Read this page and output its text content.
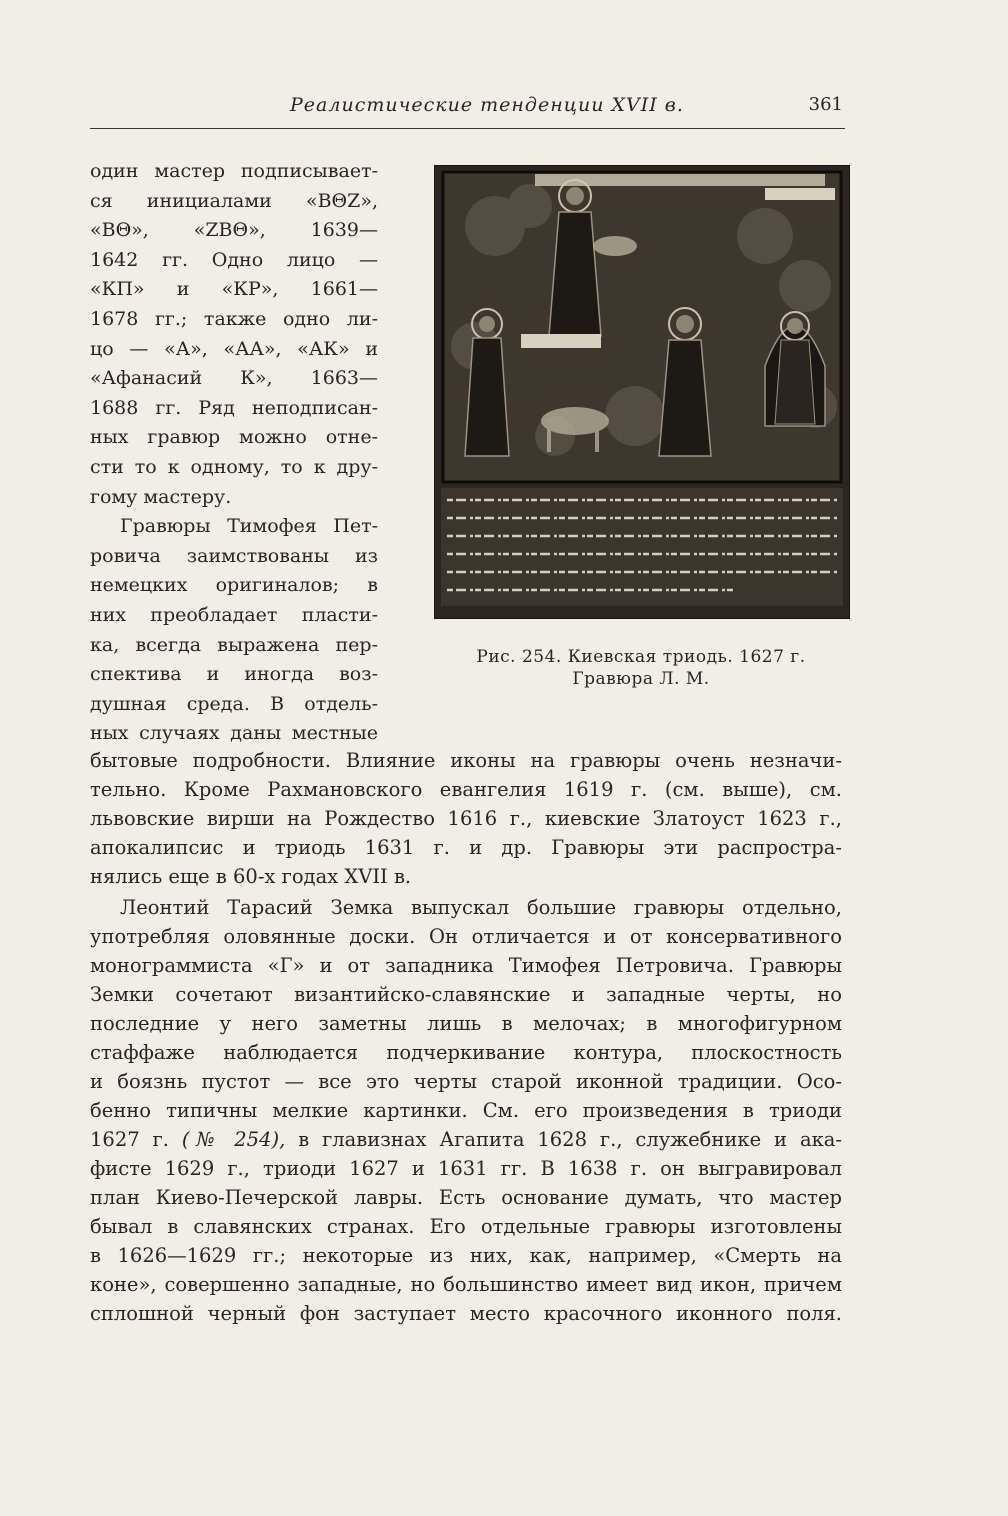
Реалистические тенденции XVII в.	361
один мастер подписывает-
ся инициалами «ВΘZ»,
«ВΘ», «ZВΘ», 1639—
1642 гг. Одно лицо —
«КП» и «КР», 1661—
1678 гг.; также одно ли-
цо — «А», «АА», «АК» и
«Афанасий К», 1663—
1688 гг. Ряд неподписан-
ных гравюр можно отне-
сти то к одному, то к дру-
гому мастеру.
Гравюры Тимофея Пет-
ровича заимствованы из
немецких оригиналов; в
них преобладает пласти-
ка, всегда выражена пер-
спектива и иногда воз-
душная среда. В отдель-
ных случаях даны местные
Рис. 254. Киевская триодь. 1627 г.
Гравюра Л. М.
бытовые подробности. Влияние иконы на гравюры очень незначи-
тельно. Кроме Рахмановского евангелия 1619 г. (см. выше), см.
львовские вирши на Рождество 1616 г., киевские Златоуст 1623 г.,
апокалипсис и триодь 1631 г. и др. Гравюры эти распростра-
нялись еще в 60-х годах XVII в.
Леонтий Тарасий Земка выпускал большие гравюры отдельно,
употребляя оловянные доски. Он отличается и от консервативного
монограммиста «Г» и от западника Тимофея Петровича. Гравюры
Земки сочетают византийско-славянские и западные черты, но
последние у него заметны лишь в мелочах; в многофигурном
стаффаже наблюдается подчеркивание контура, плоскостность
и боязнь пустот — все это черты старой иконной традиции. Осо-
бенно типичны мелкие картинки. См. его произведения в триоди
1627 г. (№ 254), в главизнах Агапита 1628 г., служебнике и ака-
фисте 1629 г., триоди 1627 и 1631 гг. В 1638 г. он выгравировал
план Киево-Печерской лавры. Есть основание думать, что мастер
бывал в славянских странах. Его отдельные гравюры изготовлены
в 1626—1629 гг.; некоторые из них, как, например, «Смерть на
коне», совершенно западные, но большинство имеет вид икон, причем
сплошной черный фон заступает место красочного иконного поля.
